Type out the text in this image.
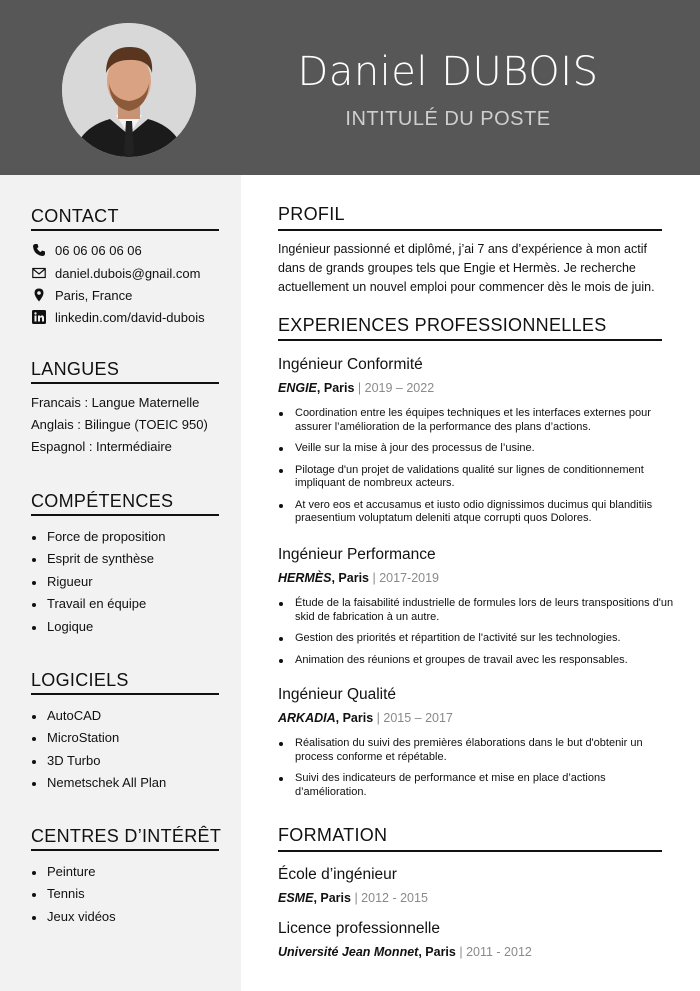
Daniel DUBOIS
INTITULÉ DU POSTE
CONTACT
06 06 06 06 06
daniel.dubois@gnail.com
Paris, France
linkedin.com/david-dubois
LANGUES
Francais : Langue Maternelle
Anglais : Bilingue (TOEIC 950)
Espagnol : Intermédiaire
COMPÉTENCES
Force de proposition
Esprit de synthèse
Rigueur
Travail en équipe
Logique
LOGICIELS
AutoCAD
MicroStation
3D Turbo
Nemetschek All Plan
CENTRES D’INTÉRÊT
Peinture
Tennis
Jeux vidéos
PROFIL
Ingénieur passionné et diplômé, j’ai 7 ans d’expérience à mon actif dans de grands groupes tels que Engie et Hermès. Je recherche actuellement un nouvel emploi pour commencer dès le mois de juin.
EXPERIENCES PROFESSIONNELLES
Ingénieur Conformité
ENGIE, Paris | 2019 – 2022
Coordination entre les équipes techniques et les interfaces externes pour assurer l’amélioration de la performance des plans d’actions.
Veille sur la mise à jour des processus de l’usine.
Pilotage d'un projet de validations qualité sur lignes de conditionnement impliquant de nombreux acteurs.
At vero eos et accusamus et iusto odio dignissimos ducimus qui blanditiis praesentium voluptatum deleniti atque corrupti quos Dolores.
Ingénieur Performance
HERMÈS, Paris | 2017-2019
Étude de la faisabilité industrielle de formules lors de leurs transpositions d'un skid de fabrication à un autre.
Gestion des priorités et répartition de l'activité sur les technologies.
Animation des réunions et groupes de travail avec les responsables.
Ingénieur Qualité
ARKADIA, Paris | 2015 – 2017
Réalisation du suivi des premières élaborations dans le but d'obtenir un process conforme et répétable.
Suivi des indicateurs de performance et mise en place d’actions d’amélioration.
FORMATION
École d’ingénieur
ESME, Paris | 2012 - 2015
Licence professionnelle
Université Jean Monnet, Paris | 2011 - 2012
